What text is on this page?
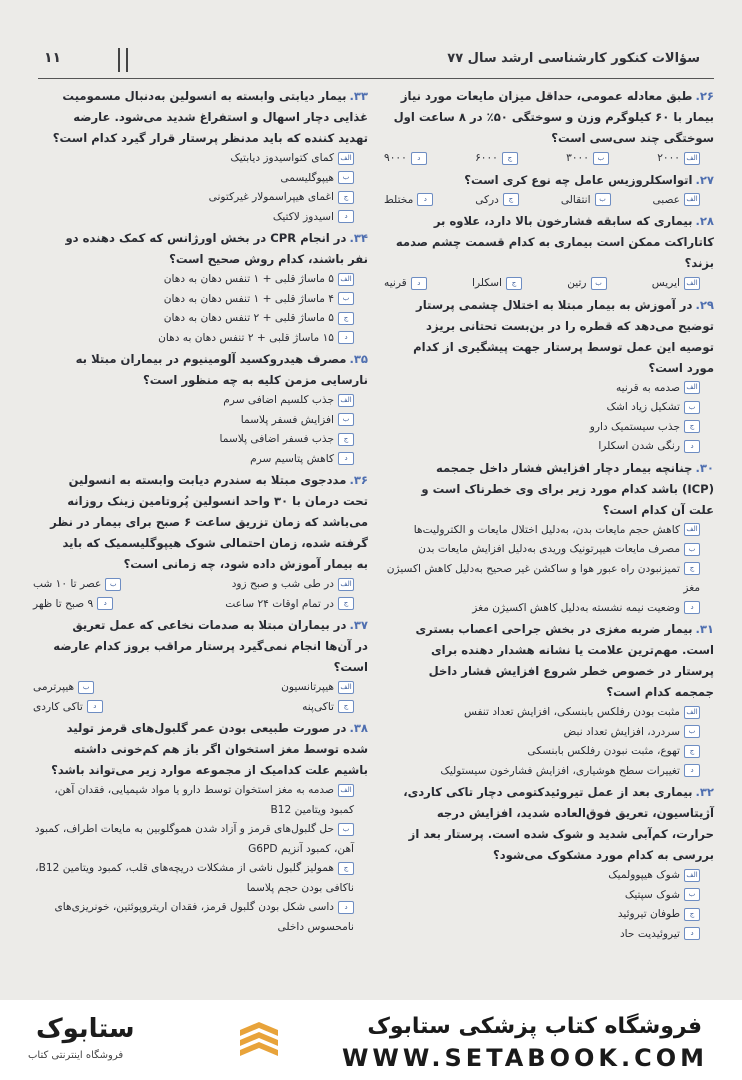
سؤالات کنکور کارشناسی ارشد سال ۷۷
۱۱

۲۶.طبق معادله عمومی، حداقل میزان مایعات مورد نیاز

بیمار با ۶۰ کیلوگرم وزن و سوختگی ۵۰٪ در ۸ ساعت اول

سوختگی چند سی‌سی است؟

الف۲۰۰۰
ب۳۰۰۰
ج۶۰۰۰
د۹۰۰۰

۲۷.اتواسکلروزیس عامل چه نوع کری است؟

الفعصبی
بانتقالی
جدرکی
دمختلط

۲۸.بیماری که سابقه فشارخون بالا دارد، علاوه بر

کاتاراکت ممکن است بیماری به کدام قسمت چشم صدمه

بزند؟

الفایریس
برتین
جاسکلرا
دقرنیه

۲۹.در آموزش به بیمار مبتلا به اختلال چشمی پرستار

توضیح می‌دهد که قطره را در بن‌بست تحتانی بریزد

توصیه این عمل توسط پرستار جهت پیشگیری از کدام

مورد است؟

الفصدمه به قرنیه
بتشکیل زیاد اشک
ججذب سیستمیک دارو
درنگی شدن اسکلرا

۳۰.چنانچه بیمار دچار افزایش فشار داخل جمجمه

(ICP) باشد کدام مورد زیر برای وی خطرناک است و

علت آن کدام است؟

الفکاهش حجم مایعات بدن، به‌دلیل اختلال مایعات و الکترولیت‌ها
بمصرف مایعات هیپرتونیک وریدی به‌دلیل افزایش مایعات بدن
جتمیزنبودن راه عبور هوا و ساکشن غیر صحیح به‌دلیل کاهش اکسیژن مغز
دوضعیت نیمه نشسته به‌دلیل کاهش اکسیژن مغز

۳۱.بیمار ضربه مغزی در بخش جراحی اعصاب بستری

است. مهم‌ترین علامت یا نشانه هشدار دهنده برای

پرستار در خصوص خطر شروع افزایش فشار داخل

جمجمه کدام است؟

الفمثبت بودن رفلکس بابنسکی، افزایش تعداد تنفس
بسردرد، افزایش تعداد نبض
جتهوع، مثبت نبودن رفلکس بابنسکی
دتغییرات سطح هوشیاری، افزایش فشارخون سیستولیک

۳۲.بیماری بعد از عمل تیروئیدکتومی دچار تاکی کاردی،

آژیتاسیون، تعریق فوق‌العاده شدید، افزایش درجه

حرارت، کم‌آبی شدید و شوک شده است. پرستار بعد از

بررسی به کدام مورد مشکوک می‌شود؟

الفشوک هیپوولمیک
بشوک سپتیک
جطوفان تیروئید
دتیروئیدیت حاد

۳۳.بیمار دیابتی وابسته به انسولین به‌دنبال مسمومیت

غذایی دچار اسهال و استفراغ شدید می‌شود. عارضه

تهدید کننده که باید مدنظر پرستار قرار گیرد کدام است؟

الفکمای کتواسیدوز دیابتیک
بهیپوگلیسمی
جاغمای هیپراسمولار غیرکتونی
داسیدوز لاکتیک

۳۴.در انجام CPR در بخش اورژانس که کمک دهنده دو

نفر باشند، کدام روش صحیح است؟

الف۵ ماساژ قلبی + ۱ تنفس دهان به دهان
ب۴ ماساژ قلبی + ۱ تنفس دهان به دهان
ج۵ ماساژ قلبی + ۲ تنفس دهان به دهان
د۱۵ ماساژ قلبی + ۲ تنفس دهان به دهان

۳۵.مصرف هیدروکسید آلومینیوم در بیماران مبتلا به

نارسایی مزمن کلیه به چه منظور است؟

الفجذب کلسیم اضافی سرم
بافزایش فسفر پلاسما
ججذب فسفر اضافی پلاسما
دکاهش پتاسیم سرم

۳۶.مددجوی مبتلا به سندرم دیابت وابسته به انسولین

تحت درمان با ۳۰ واحد انسولین پُروتامین زینک روزانه

می‌باشد که زمان تزریق ساعت ۶ صبح برای بیمار در نظر

گرفته شده، زمان احتمالی شوک هیپوگلیسمیک که باید

به بیمار آموزش داده شود، چه زمانی است؟

الفدر طی شب و صبح زود
بعصر تا ۱۰ شب
جدر تمام اوقات ۲۴ ساعت
د۹ صبح تا ظهر

۳۷.در بیماران مبتلا به صدمات نخاعی که عمل تعریق

در آن‌ها انجام نمی‌گیرد پرستار مراقب بروز کدام عارضه

است؟

الفهیپرتانسیون
بهیپرترمی
جتاکی‌پنه
دتاکی کاردی

۳۸.در صورت طبیعی بودن عمر گلبول‌های قرمز تولید

شده توسط مغز استخوان اگر باز هم کم‌خونی داشته

باشیم علت کدامیک از مجموعه موارد زیر می‌تواند باشد؟

الفصدمه به مغز استخوان توسط دارو یا مواد شیمیایی، فقدان آهن، کمبود ویتامین B12
بحل گلبول‌های قرمز و آزاد شدن هموگلوبین به مایعات اطراف، کمبود آهن، کمبود آنزیم G6PD
جهمولیز گلبول ناشی از مشکلات دریچه‌های قلب، کمبود ویتامین B12، ناکافی بودن حجم پلاسما
دداسی شکل بودن گلبول قرمز، فقدان اریتروپوئتین، خونریزی‌های نامحسوس داخلی
فروشگاه کتاب پزشکی ستابوک
WWW.SETABOOK.COM
ستابوک
فروشگاه اینترنتی کتاب
